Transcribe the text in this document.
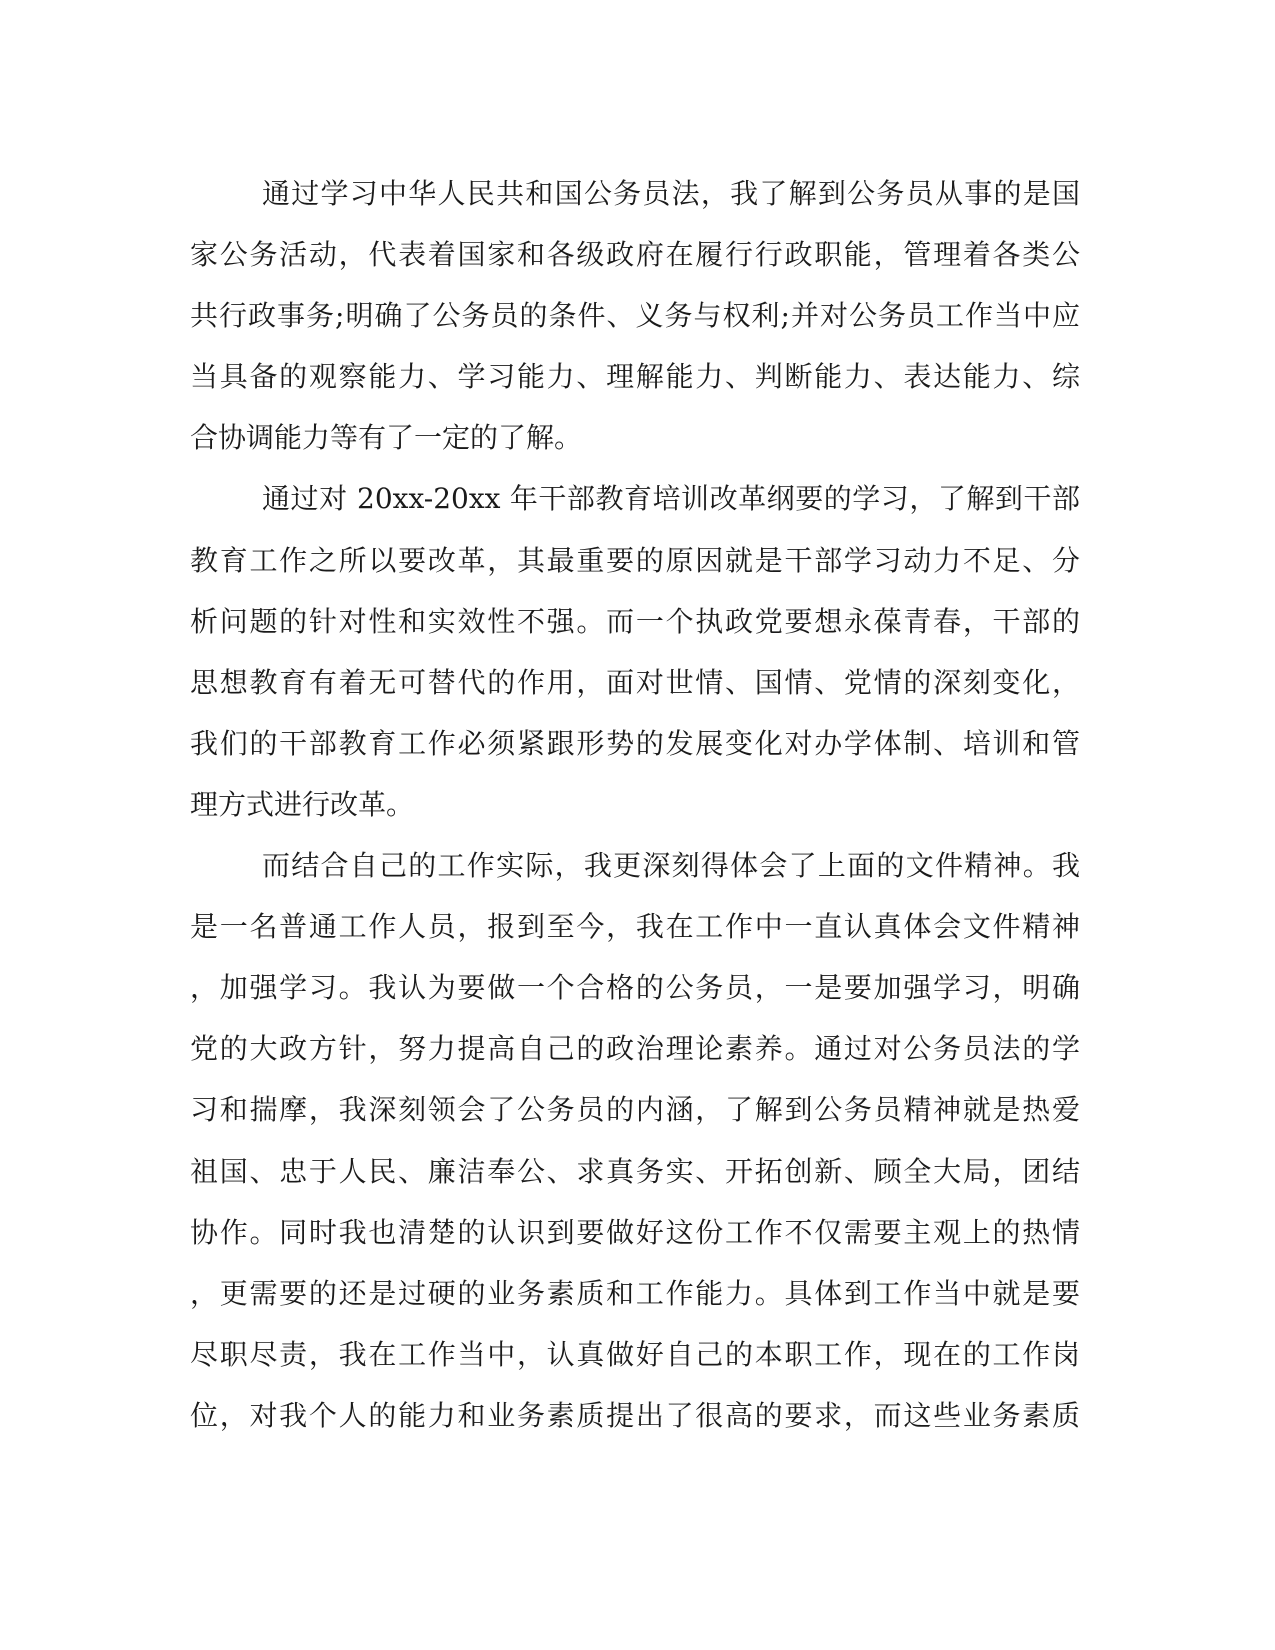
通过学习中华人民共和国公务员法，我了解到公务员从事的是国
家公务活动，代表着国家和各级政府在履行行政职能，管理着各类公
共行政事务;明确了公务员的条件、义务与权利;并对公务员工作当中应
当具备的观察能力、学习能力、理解能力、判断能力、表达能力、综
合协调能力等有了一定的了解。
通过对 20xx-20xx 年干部教育培训改革纲要的学习，了解到干部
教育工作之所以要改革，其最重要的原因就是干部学习动力不足、分
析问题的针对性和实效性不强。而一个执政党要想永葆青春，干部的
思想教育有着无可替代的作用，面对世情、国情、党情的深刻变化，
我们的干部教育工作必须紧跟形势的发展变化对办学体制、培训和管
理方式进行改革。
而结合自己的工作实际，我更深刻得体会了上面的文件精神。我
是一名普通工作人员，报到至今，我在工作中一直认真体会文件精神
，加强学习。我认为要做一个合格的公务员，一是要加强学习，明确
党的大政方针，努力提高自己的政治理论素养。通过对公务员法的学
习和揣摩，我深刻领会了公务员的内涵，了解到公务员精神就是热爱
祖国、忠于人民、廉洁奉公、求真务实、开拓创新、顾全大局，团结
协作。同时我也清楚的认识到要做好这份工作不仅需要主观上的热情
，更需要的还是过硬的业务素质和工作能力。具体到工作当中就是要
尽职尽责，我在工作当中，认真做好自己的本职工作，现在的工作岗
位，对我个人的能力和业务素质提出了很高的要求，而这些业务素质
